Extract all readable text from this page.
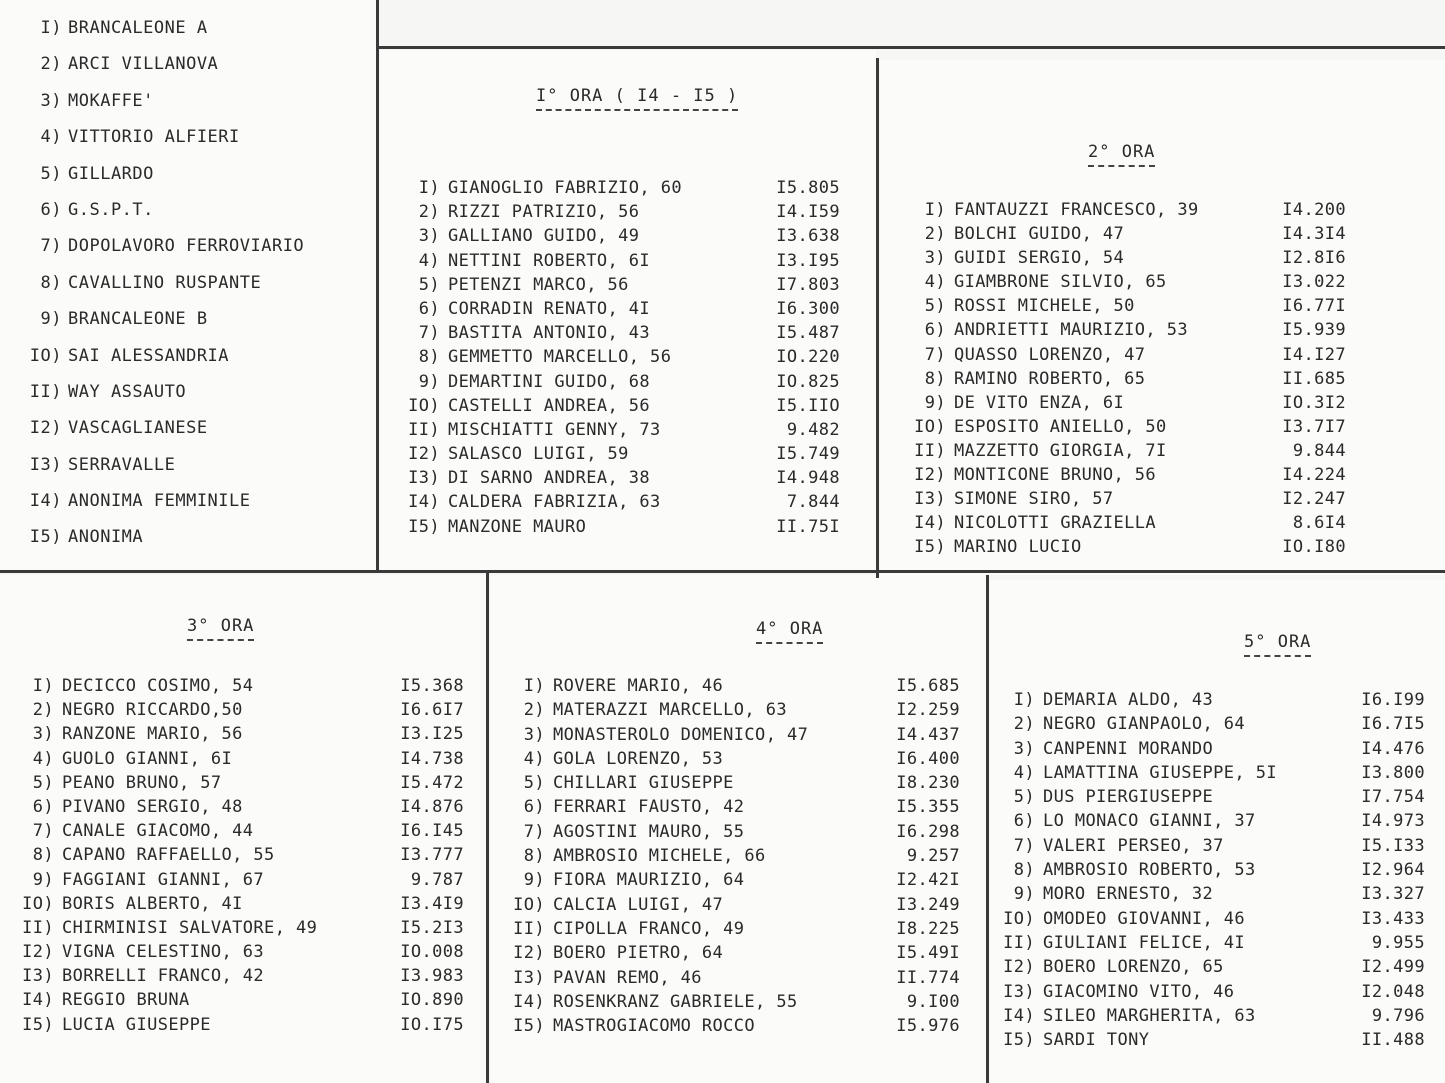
I) BRANCALEONE A
2) ARCI VILLANOVA
3) MOKAFFE'
4) VITTORIO ALFIERI
5) GILLARDO
6) G.S.P.T.
7) DOPOLAVORO FERROVIARIO
8) CAVALLINO RUSPANTE
9) BRANCALEONE B
IO) SAI ALESSANDRIA
II) WAY ASSAUTO
I2) VASCAGLIANESE
I3) SERRAVALLE
I4) ANONIMA FEMMINILE
I5) ANONIMA
I° ORA ( I4 - I5 )
I) GIANOGLIO FABRIZIO, 60	I5.805
2) RIZZI PATRIZIO, 56	I4.I59
3) GALLIANO GUIDO, 49	I3.638
4) NETTINI ROBERTO, 6I	I3.I95
5) PETENZI MARCO, 56	I7.803
6) CORRADIN RENATO, 4I	I6.300
7) BASTITA ANTONIO, 43	I5.487
8) GEMMETTO MARCELLO, 56	IO.220
9) DEMARTINI GUIDO, 68	IO.825
IO) CASTELLI ANDREA, 56	I5.IIO
II) MISCHIATTI GENNY, 73	9.482
I2) SALASCO LUIGI, 59	I5.749
I3) DI SARNO ANDREA, 38	I4.948
I4) CALDERA FABRIZIA, 63	7.844
I5) MANZONE MAURO	II.75I
2° ORA
I) FANTAUZZI FRANCESCO, 39	I4.200
2) BOLCHI GUIDO, 47	I4.3I4
3) GUIDI SERGIO, 54	I2.8I6
4) GIAMBRONE SILVIO, 65	I3.022
5) ROSSI MICHELE, 50	I6.77I
6) ANDRIETTI MAURIZIO, 53	I5.939
7) QUASSO LORENZO, 47	I4.I27
8) RAMINO ROBERTO, 65	II.685
9) DE VITO ENZA, 6I	IO.3I2
IO) ESPOSITO ANIELLO, 50	I3.7I7
II) MAZZETTO GIORGIA, 7I	9.844
I2) MONTICONE BRUNO, 56	I4.224
I3) SIMONE SIRO, 57	I2.247
I4) NICOLOTTI GRAZIELLA	8.6I4
I5) MARINO LUCIO	IO.I80
3° ORA
I) DECICCO COSIMO, 54	I5.368
2) NEGRO RICCARDO,50	I6.6I7
3) RANZONE MARIO, 56	I3.I25
4) GUOLO GIANNI, 6I	I4.738
5) PEANO BRUNO, 57	I5.472
6) PIVANO SERGIO, 48	I4.876
7) CANALE GIACOMO, 44	I6.I45
8) CAPANO RAFFAELLO, 55	I3.777
9) FAGGIANI GIANNI, 67	9.787
IO) BORIS ALBERTO, 4I	I3.4I9
II) CHIRMINISI SALVATORE, 49	I5.2I3
I2) VIGNA CELESTINO, 63	IO.008
I3) BORRELLI FRANCO, 42	I3.983
I4) REGGIO BRUNA	IO.890
I5) LUCIA GIUSEPPE	IO.I75
4° ORA
I) ROVERE MARIO, 46	I5.685
2) MATERAZZI MARCELLO, 63	I2.259
3) MONASTEROLO DOMENICO, 47	I4.437
4) GOLA LORENZO, 53	I6.400
5) CHILLARI GIUSEPPE	I8.230
6) FERRARI FAUSTO, 42	I5.355
7) AGOSTINI MAURO, 55	I6.298
8) AMBROSIO MICHELE, 66	9.257
9) FIORA MAURIZIO, 64	I2.42I
IO) CALCIA LUIGI, 47	I3.249
II) CIPOLLA FRANCO, 49	I8.225
I2) BOERO PIETRO, 64	I5.49I
I3) PAVAN REMO, 46	II.774
I4) ROSENKRANZ GABRIELE, 55	9.I00
I5) MASTROGIACOMO ROCCO	I5.976
5° ORA
I) DEMARIA ALDO, 43	I6.I99
2) NEGRO GIANPAOLO, 64	I6.7I5
3) CANPENNI MORANDO	I4.476
4) LAMATTINA GIUSEPPE, 5I	I3.800
5) DUS PIERGIUSEPPE	I7.754
6) LO MONACO GIANNI, 37	I4.973
7) VALERI PERSEO, 37	I5.I33
8) AMBROSIO ROBERTO, 53	I2.964
9) MORO ERNESTO, 32	I3.327
IO) OMODEO GIOVANNI, 46	I3.433
II) GIULIANI FELICE, 4I	9.955
I2) BOERO LORENZO, 65	I2.499
I3) GIACOMINO VITO, 46	I2.048
I4) SILEO MARGHERITA, 63	9.796
I5) SARDI TONY	II.488
